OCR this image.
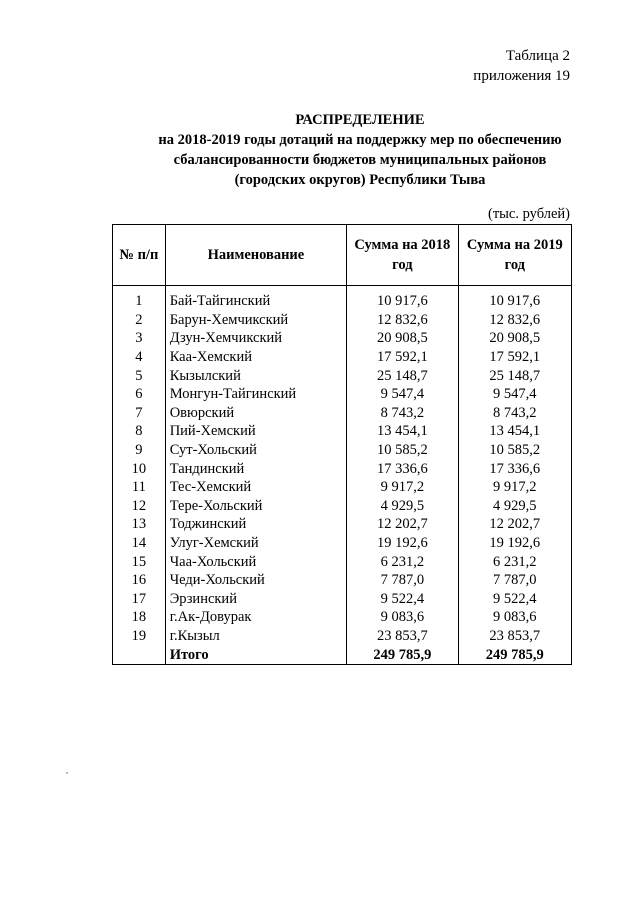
Таблица 2
приложения 19
РАСПРЕДЕЛЕНИЕ
на 2018-2019 годы дотаций на поддержку мер по обеспечению
сбалансированности бюджетов муниципальных районов
(городских округов) Республики Тыва
(тыс. рублей)
№ п/п	Наименование	Сумма на 2018 год	Сумма на 2019 год
1	Бай-Тайгинский	10 917,6	10 917,6
2	Барун-Хемчикский	12 832,6	12 832,6
3	Дзун-Хемчикский	20 908,5	20 908,5
4	Каа-Хемский	17 592,1	17 592,1
5	Кызылский	25 148,7	25 148,7
6	Монгун-Тайгинский	9 547,4	9 547,4
7	Овюрский	8 743,2	8 743,2
8	Пий-Хемский	13 454,1	13 454,1
9	Сут-Хольский	10 585,2	10 585,2
10	Тандинский	17 336,6	17 336,6
11	Тес-Хемский	9 917,2	9 917,2
12	Тере-Хольский	4 929,5	4 929,5
13	Тоджинский	12 202,7	12 202,7
14	Улуг-Хемский	19 192,6	19 192,6
15	Чаа-Хольский	6 231,2	6 231,2
16	Чеди-Хольский	7 787,0	7 787,0
17	Эрзинский	9 522,4	9 522,4
18	г.Ак-Довурак	9 083,6	9 083,6
19	г.Кызыл	23 853,7	23 853,7
	Итого	249 785,9	249 785,9
